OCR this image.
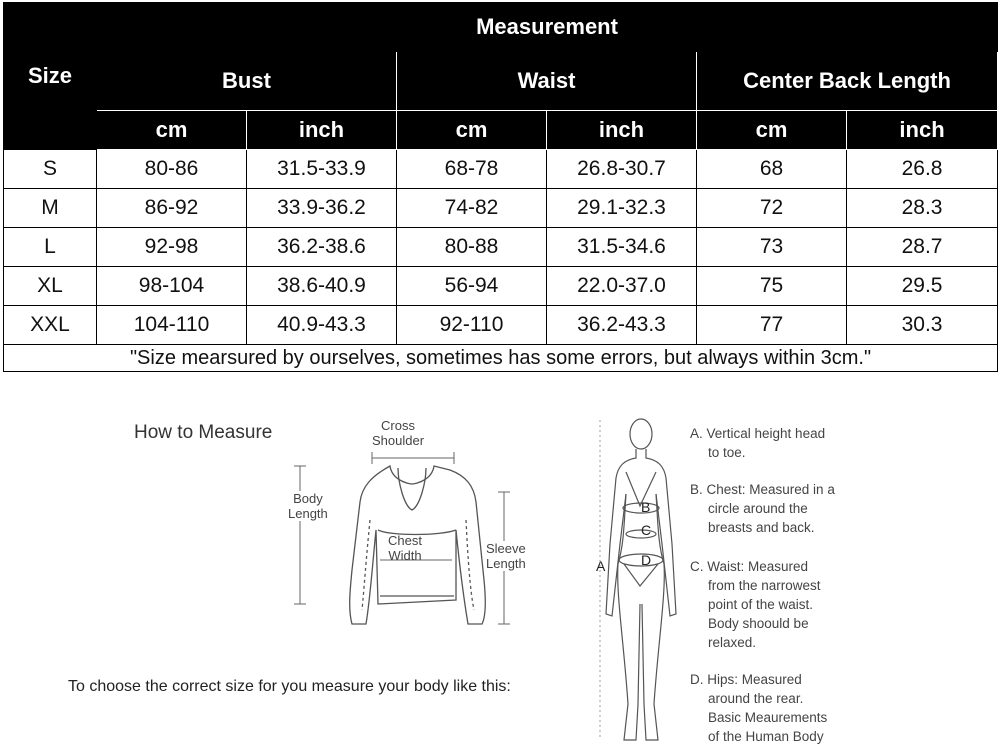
Size	Measurement					
	Bust		Waist		Center Back Length	
	cm	inch	cm	inch	cm	inch
S	80-86	31.5-33.9	68-78	26.8-30.7	68	26.8
M	86-92	33.9-36.2	74-82	29.1-32.3	72	28.3
L	92-98	36.2-38.6	80-88	31.5-34.6	73	28.7
XL	98-104	38.6-40.9	56-94	22.0-37.0	75	29.5
XXL	104-110	40.9-43.3	92-110	36.2-43.3	77	30.3
"Size mearsured by ourselves, sometimes has some errors, but always within 3cm."						
How to Measure	Cross
Shoulder
Body
Length
Chest
Width	Sleeve
Length
To choose the correct size for you measure your body like this:
A
B
C
D
A. Vertical height head
to toe.
B. Chest: Measured in a
circle around the
breasts and back.
C. Waist: Measured
from the narrowest
point of the waist.
Body shoould be
relaxed.
D. Hips: Measured
around the rear.
Basic Meaurements
of the Human Body
